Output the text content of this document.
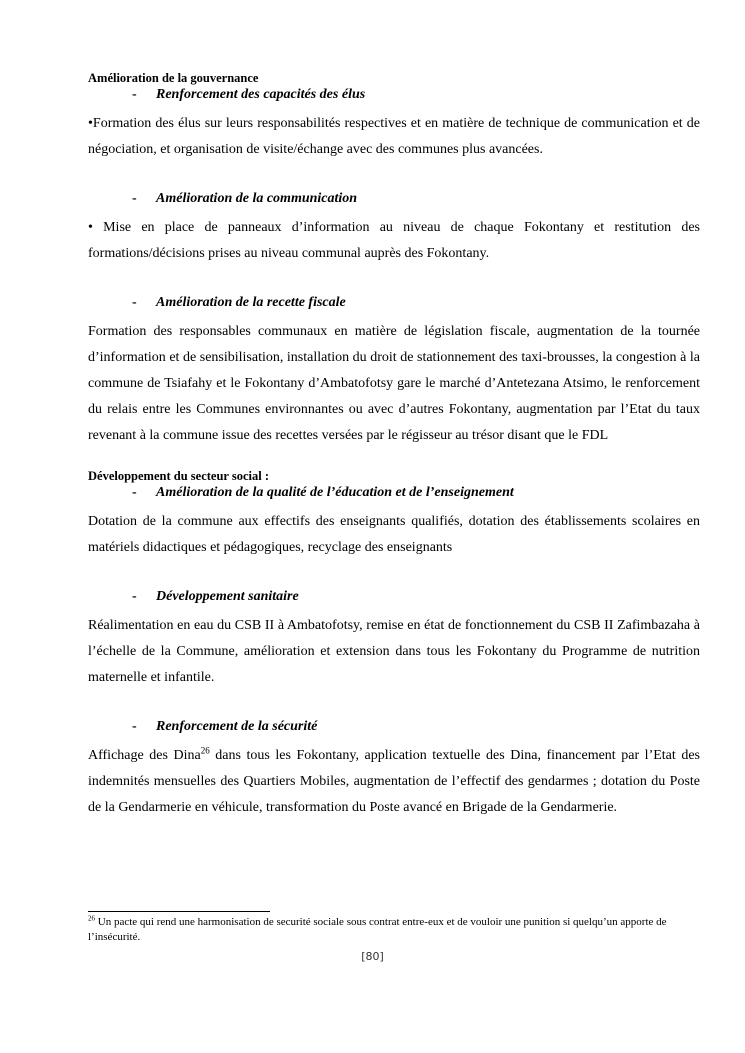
Amélioration de la gouvernance

- Renforcement des capacités des élus

•Formation des élus sur leurs responsabilités respectives et en matière de technique de communication et de négociation, et organisation de visite/échange avec des communes plus avancées.

- Amélioration de la communication

• Mise en place de panneaux d’information au niveau de chaque Fokontany et restitution des formations/décisions prises au niveau communal auprès des Fokontany.

- Amélioration de la recette fiscale

Formation des responsables communaux en matière de législation fiscale, augmentation de la tournée d’information et de sensibilisation, installation du droit de stationnement des taxi-brousses, la congestion à la commune de Tsiafahy et le Fokontany d’Ambatofotsy gare le marché d’Antetezana Atsimo, le renforcement du relais entre les Communes environnantes ou avec d’autres Fokontany, augmentation par l’Etat du taux revenant à la commune issue des recettes versées par le régisseur au trésor disant que le FDL

Développement du secteur social :

- Amélioration de la qualité de l’éducation et de l’enseignement

Dotation de la commune aux effectifs des enseignants qualifiés, dotation des établissements scolaires en matériels didactiques et pédagogiques, recyclage des enseignants

- Développement sanitaire

Réalimentation en eau du CSB II à Ambatofotsy, remise en état de fonctionnement du CSB II Zafimbazaha à l’échelle de la Commune, amélioration et extension dans tous les Fokontany du Programme de nutrition maternelle et infantile.

- Renforcement de la sécurité

Affichage des Dina$^{26}$ dans tous les Fokontany, application textuelle des Dina, financement par l’Etat des indemnités mensuelles des Quartiers Mobiles, augmentation de l’effectif des gendarmes ; dotation du Poste de la Gendarmerie en véhicule, transformation du Poste avancé en Brigade de la Gendarmerie.

$^{26}$ Un pacte qui rend une harmonisation de securité sociale sous contrat entre-eux et de vouloir une punition si quelqu’un apporte de l’insécurité.
[80]
